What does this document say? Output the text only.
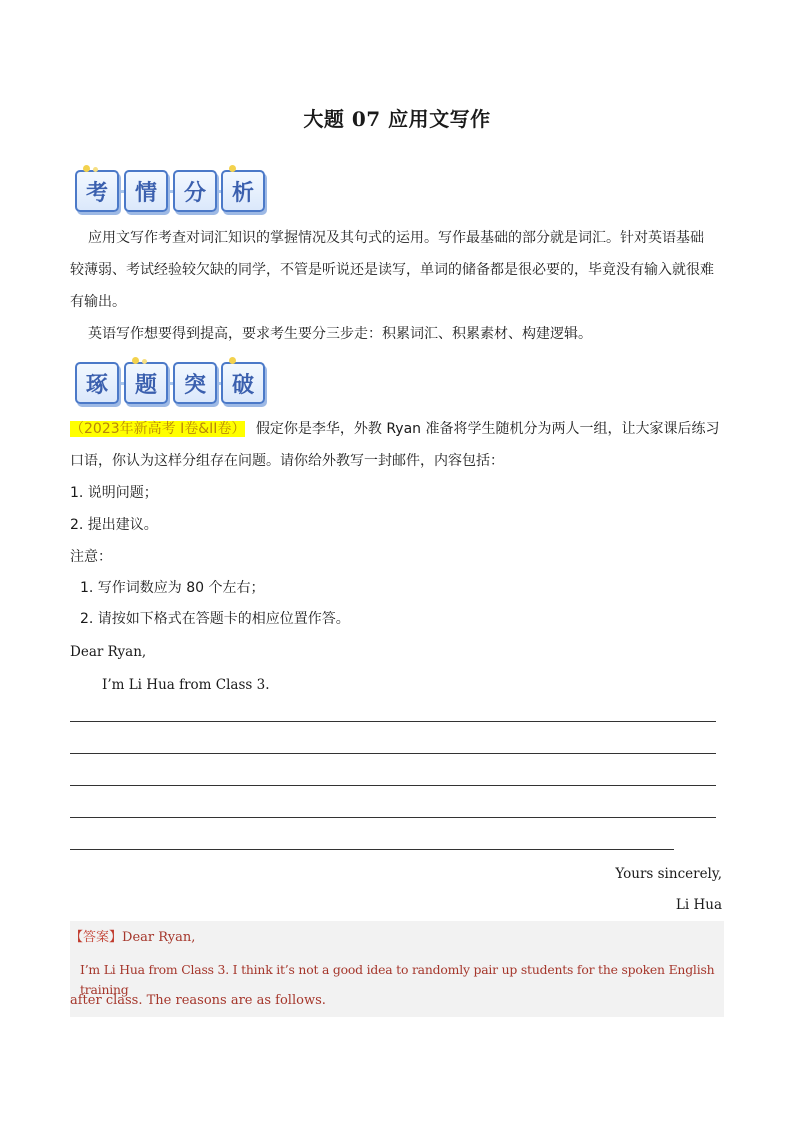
大题 07 应用文写作
考 情 分 析
应用文写作考查对词汇知识的掌握情况及其句式的运用。写作最基础的部分就是词汇。针对英语基础
较薄弱、考试经验较欠缺的同学，不管是听说还是读写，单词的储备都是很必要的，毕竟没有输入就很难
有输出。
英语写作想要得到提高，要求考生要分三步走：积累词汇、积累素材、构建逻辑。
琢 题 突 破
（2023年新高考 I卷&II卷） 假定你是李华，外教 Ryan 准备将学生随机分为两人一组，让大家课后练习
口语，你认为这样分组存在问题。请你给外教写一封邮件，内容包括：
1. 说明问题；
2. 提出建议。
注意：
1. 写作词数应为 80 个左右；
2. 请按如下格式在答题卡的相应位置作答。
Dear Ryan,
I’m Li Hua from Class 3.
Yours sincerely,
Li Hua
【答案】Dear Ryan,
I’m Li Hua from Class 3. I think it’s not a good idea to randomly pair up students for the spoken English training
after class. The reasons are as follows.
